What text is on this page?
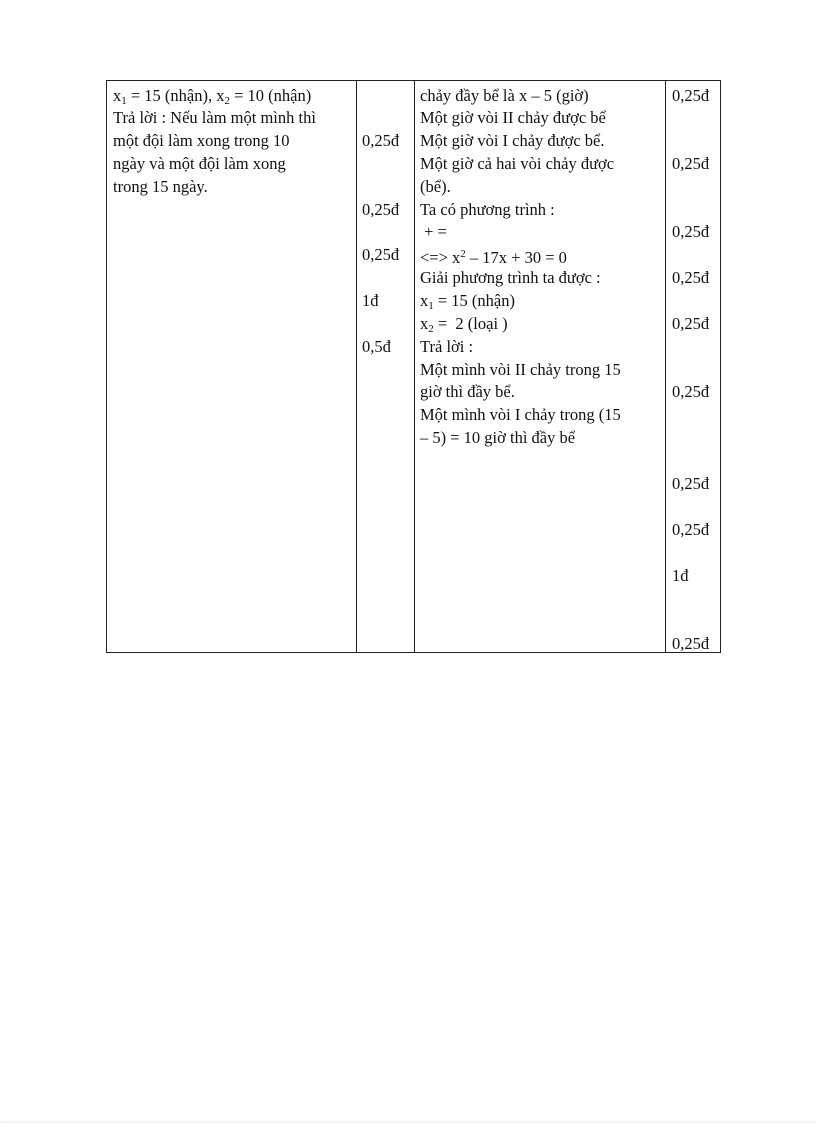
$x_1 = 15$ (nhận), $x_2 = 10$ (nhận)
Trả lời : Nếu làm một mình thì
một đội làm xong trong 10
ngày và một đội làm xong
trong 15 ngày.
0,25đ
0,25đ
0,25đ
1đ
0,5đ
chảy đầy bể là x – 5 (giờ)
Một giờ vòi II chảy được bể
Một giờ vòi I chảy được bể.
Một giờ cả hai vòi chảy được
(bể).
Ta có phương trình :
+ =
<=> $x^2 - 17x + 30 = 0$
Giải phương trình ta được :
$x_1 = 15$ (nhận)
$x_2 = 2$ (loại )
Trả lời :
Một mình vòi II chảy trong 15
giờ thì đầy bể.
Một mình vòi I chảy trong (15
– 5) = 10 giờ thì đầy bể
0,25đ
0,25đ
0,25đ
0,25đ
0,25đ
0,25đ
0,25đ
0,25đ
1đ
0,25đ
